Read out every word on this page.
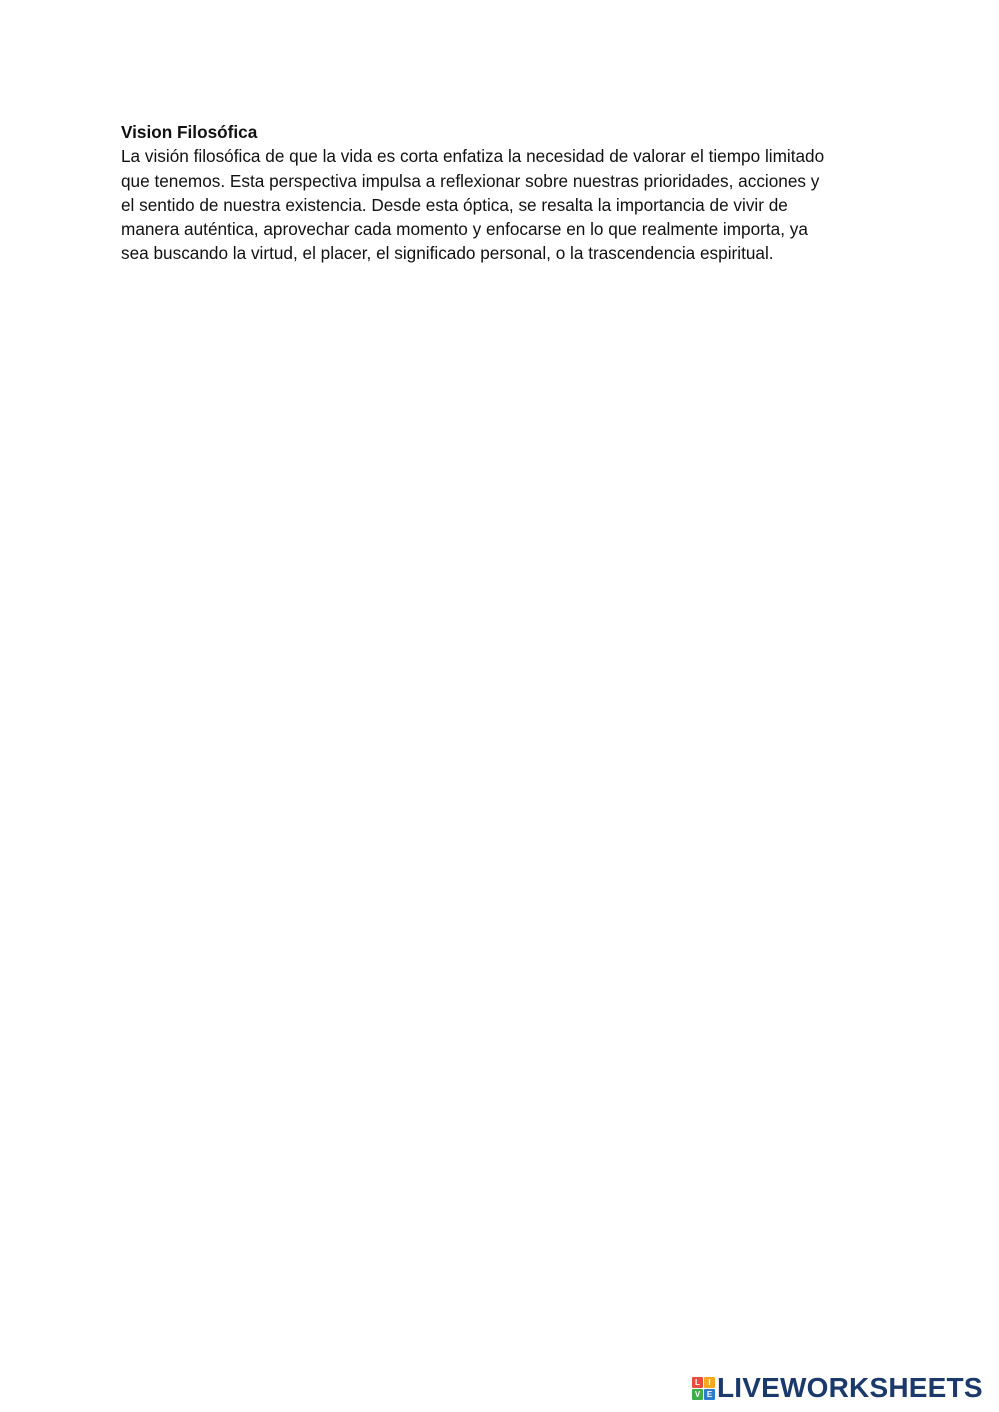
Vision Filosófica

La visión filosófica de que la vida es corta enfatiza la necesidad de valorar el tiempo limitado

que tenemos. Esta perspectiva impulsa a reflexionar sobre nuestras prioridades, acciones y

el sentido de nuestra existencia. Desde esta óptica, se resalta la importancia de vivir de

manera auténtica, aprovechar cada momento y enfocarse en lo que realmente importa, ya

sea buscando la virtud, el placer, el significado personal, o la trascendencia espiritual.

L	I
V E LIVEWORKSHEETS
